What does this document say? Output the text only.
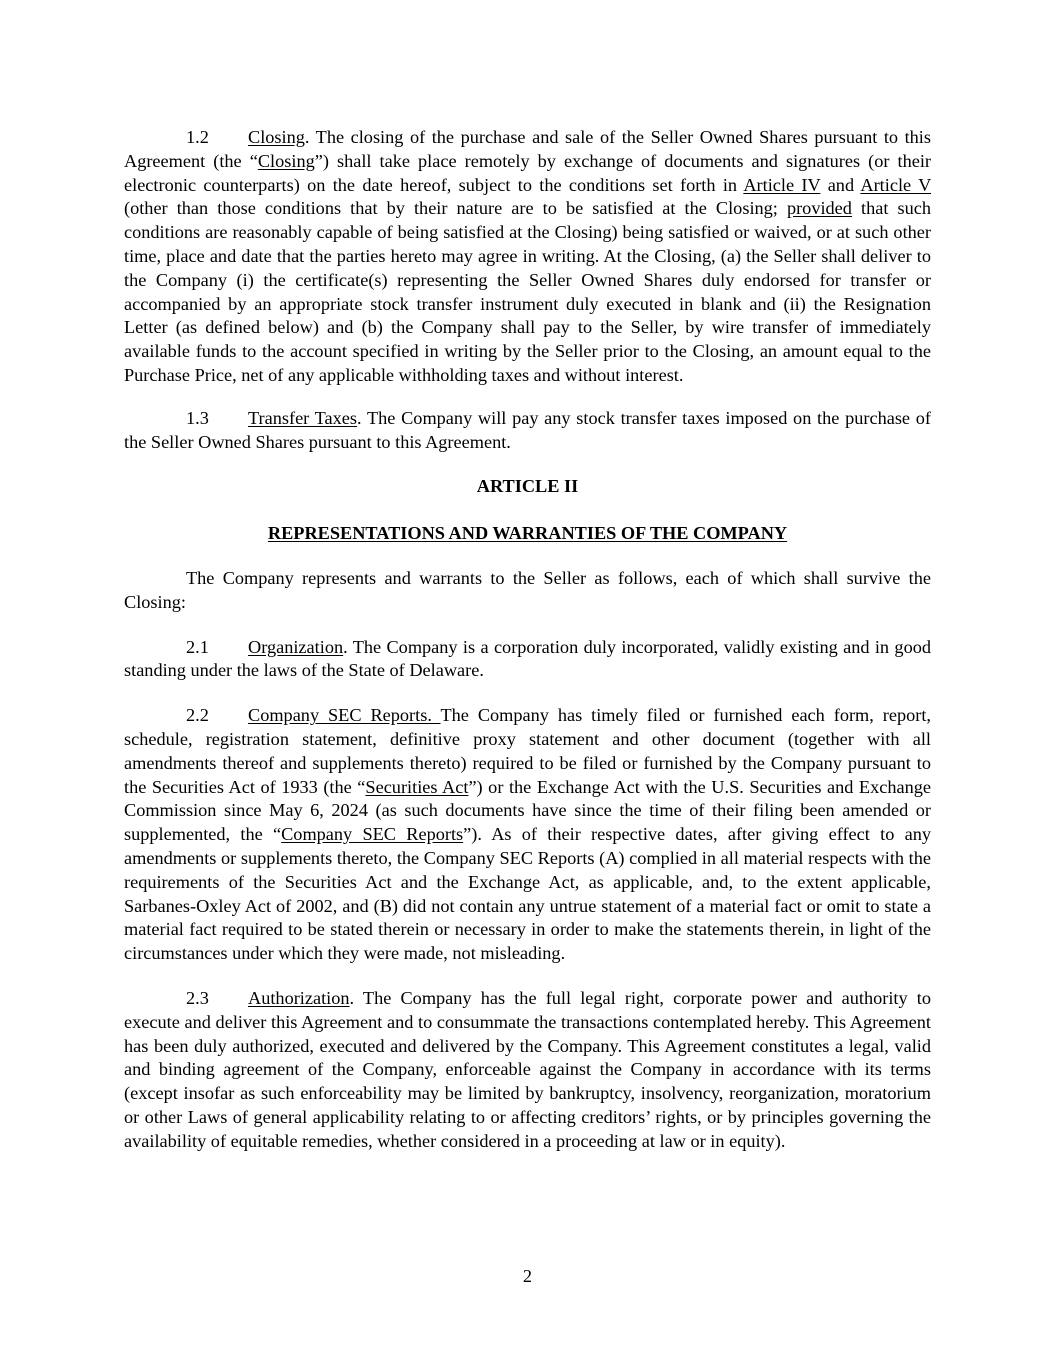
1.2 Closing. The closing of the purchase and sale of the Seller Owned Shares pursuant to this Agreement (the “Closing”) shall take place remotely by exchange of documents and signatures (or their electronic counterparts) on the date hereof, subject to the conditions set forth in Article IV and Article V (other than those conditions that by their nature are to be satisfied at the Closing; provided that such conditions are reasonably capable of being satisfied at the Closing) being satisfied or waived, or at such other time, place and date that the parties hereto may agree in writing. At the Closing, (a) the Seller shall deliver to the Company (i) the certificate(s) representing the Seller Owned Shares duly endorsed for transfer or accompanied by an appropriate stock transfer instrument duly executed in blank and (ii) the Resignation Letter (as defined below) and (b) the Company shall pay to the Seller, by wire transfer of immediately available funds to the account specified in writing by the Seller prior to the Closing, an amount equal to the Purchase Price, net of any applicable withholding taxes and without interest.

1.3 Transfer Taxes. The Company will pay any stock transfer taxes imposed on the purchase of the Seller Owned Shares pursuant to this Agreement.

ARTICLE II
REPRESENTATIONS AND WARRANTIES OF THE COMPANY

The Company represents and warrants to the Seller as follows, each of which shall survive the Closing:

2.1 Organization. The Company is a corporation duly incorporated, validly existing and in good standing under the laws of the State of Delaware.

2.2 Company SEC Reports. The Company has timely filed or furnished each form, report, schedule, registration statement, definitive proxy statement and other document (together with all amendments thereof and supplements thereto) required to be filed or furnished by the Company pursuant to the Securities Act of 1933 (the “Securities Act”) or the Exchange Act with the U.S. Securities and Exchange Commission since May 6, 2024 (as such documents have since the time of their filing been amended or supplemented, the “Company SEC Reports”). As of their respective dates, after giving effect to any amendments or supplements thereto, the Company SEC Reports (A) complied in all material respects with the requirements of the Securities Act and the Exchange Act, as applicable, and, to the extent applicable, Sarbanes-Oxley Act of 2002, and (B) did not contain any untrue statement of a material fact or omit to state a material fact required to be stated therein or necessary in order to make the statements therein, in light of the circumstances under which they were made, not misleading.

2.3 Authorization. The Company has the full legal right, corporate power and authority to execute and deliver this Agreement and to consummate the transactions contemplated hereby. This Agreement has been duly authorized, executed and delivered by the Company. This Agreement constitutes a legal, valid and binding agreement of the Company, enforceable against the Company in accordance with its terms (except insofar as such enforceability may be limited by bankruptcy, insolvency, reorganization, moratorium or other Laws of general applicability relating to or affecting creditors’ rights, or by principles governing the availability of equitable remedies, whether considered in a proceeding at law or in equity).

2
